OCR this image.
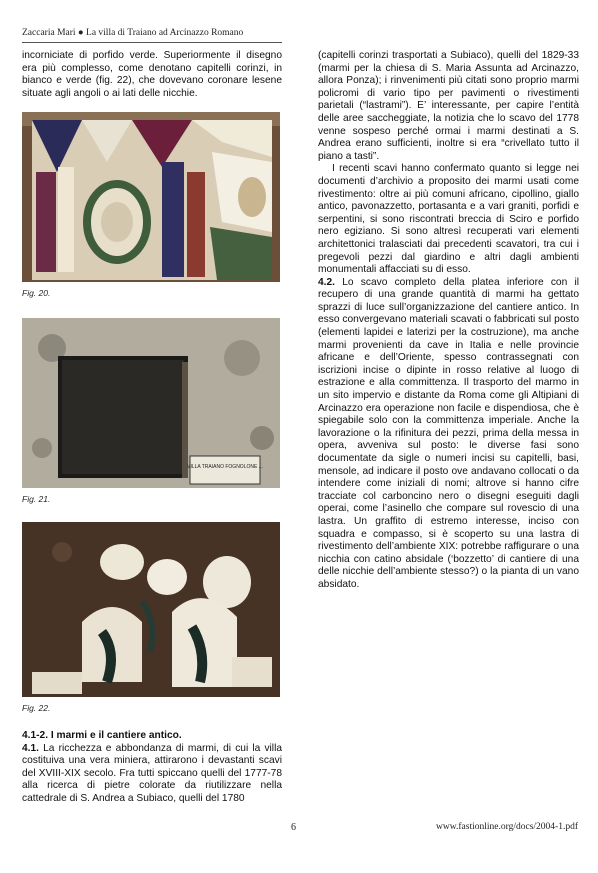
Zaccaria Mari ● La villa di Traiano ad Arcinazzo Romano

incorniciate di porfido verde. Superiormente il disegno era più complesso, come denotano capitelli corinzi, in bianco e verde (fig. 22), che dovevano coronare lesene situate agli angoli o ai lati delle nicchie.

Fig. 20.
VILLA TRAIANO FOGNOLONE ...
Fig. 21.
Fig. 22.

4.1-2. I marmi e il cantiere antico.

4.1. La ricchezza e abbondanza di marmi, di cui la villa costituiva una vera miniera, attirarono i devastanti scavi del XVIII-XIX secolo. Fra tutti spiccano quelli del 1777-78 alla ricerca di pietre colorate da riutilizzare nella cattedrale di S. Andrea a Subiaco, quelli del 1780

(capitelli corinzi trasportati a Subiaco), quelli del 1829-33 (marmi per la chiesa di S. Maria Assunta ad Arcinazzo, allora Ponza); i rinvenimenti più citati sono proprio marmi policromi di vario tipo per pavimenti o rivestimenti parietali (“lastrami”). E’ interessante, per capire l’entità delle aree saccheggiate, la notizia che lo scavo del 1778 venne sospeso perché ormai i marmi destinati a S. Andrea erano sufficienti, inoltre si era “crivellato tutto il piano a tasti”.

I recenti scavi hanno confermato quanto si legge nei documenti d’archivio a proposito dei marmi usati come rivestimento: oltre ai più comuni africano, cipollino, giallo antico, pavonazzetto, portasanta e a vari graniti, porfidi e serpentini, si sono riscontrati breccia di Sciro e porfido nero egiziano. Si sono altresì recuperati vari elementi architettonici tralasciati dai precedenti scavatori, tra cui i pregevoli pezzi dal giardino e altri dagli ambienti monumentali affacciati su di esso.

4.2. Lo scavo completo della platea inferiore con il recupero di una grande quantità di marmi ha gettato sprazzi di luce sull’organizzazione del cantiere antico. In esso convergevano materiali scavati o fabbricati sul posto (elementi lapidei e laterizi per la costruzione), ma anche marmi provenienti da cave in Italia e nelle provincie africane e dell’Oriente, spesso contrassegnati con iscrizioni incise o dipinte in rosso relative al luogo di estrazione e alla committenza. Il trasporto del marmo in un sito impervio e distante da Roma come gli Altipiani di Arcinazzo era operazione non facile e dispendiosa, che è spiegabile solo con la committenza imperiale. Anche la lavorazione o la rifinitura dei pezzi, prima della messa in opera, avveniva sul posto: le diverse fasi sono documentate da sigle o numeri incisi su capitelli, basi, mensole, ad indicare il posto ove andavano collocati o da intendere come iniziali di nomi; altrove si hanno cifre tracciate col carboncino nero o disegni eseguiti dagli operai, come l’asinello che compare sul rovescio di una lastra. Un graffito di estremo interesse, inciso con squadra e compasso, si è scoperto su una lastra di rivestimento dell’ambiente XIX: potrebbe raffigurare o una nicchia con catino absidale (‘bozzetto’ di cantiere di una delle nicchie dell’ambiente stesso?) o la pianta di un vano absidato.

6	www.fastionline.org/docs/2004-1.pdf
